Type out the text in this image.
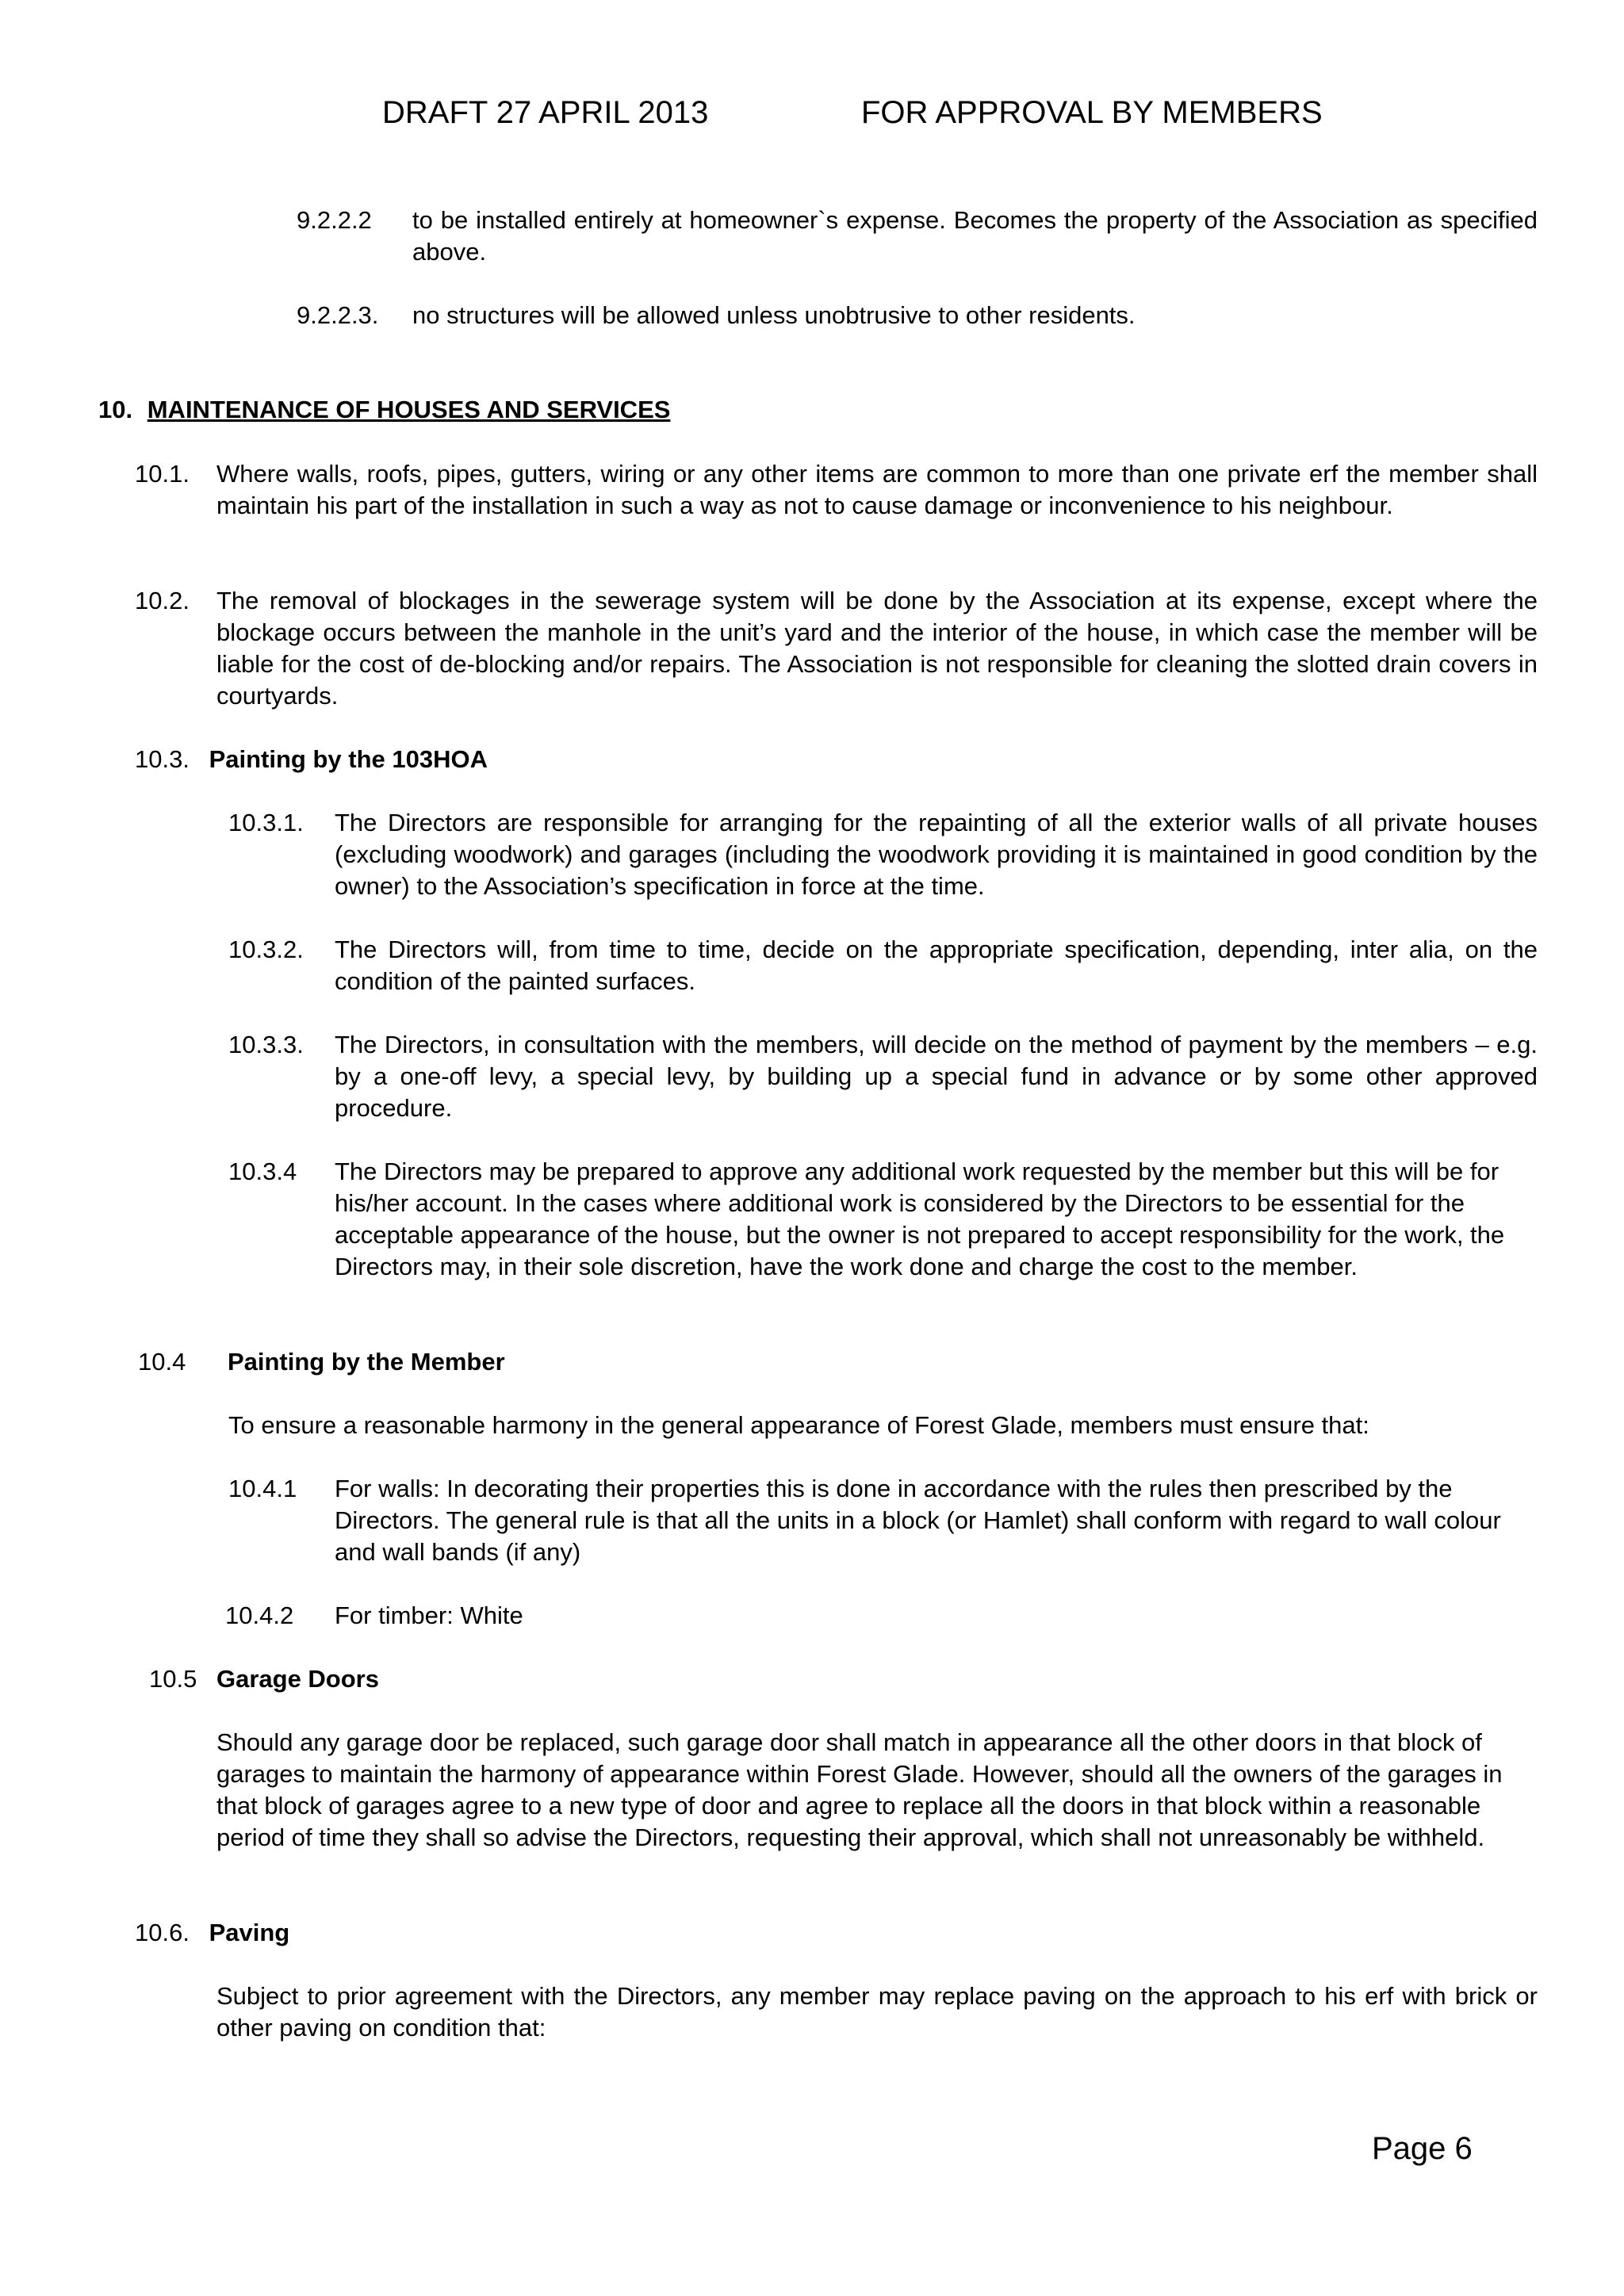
DRAFT 27 APRIL 2013	FOR APPROVAL BY MEMBERS
9.2.2.2 to be installed entirely at homeowner`s expense. Becomes the property of the Association as specified above.
9.2.2.3. no structures will be allowed unless unobtrusive to other residents.
10. MAINTENANCE OF HOUSES AND SERVICES
10.1. Where walls, roofs, pipes, gutters, wiring or any other items are common to more than one private erf the member shall maintain his part of the installation in such a way as not to cause damage or inconvenience to his neighbour.
10.2. The removal of blockages in the sewerage system will be done by the Association at its expense, except where the blockage occurs between the manhole in the unit’s yard and the interior of the house, in which case the member will be liable for the cost of de-blocking and/or repairs. The Association is not responsible for cleaning the slotted drain covers in courtyards.
10.3. Painting by the 103HOA
10.3.1. The Directors are responsible for arranging for the repainting of all the exterior walls of all private houses (excluding woodwork) and garages (including the woodwork providing it is maintained in good condition by the owner) to the Association’s specification in force at the time.
10.3.2. The Directors will, from time to time, decide on the appropriate specification, depending, inter alia, on the condition of the painted surfaces.
10.3.3. The Directors, in consultation with the members, will decide on the method of payment by the members – e.g. by a one-off levy, a special levy, by building up a special fund in advance or by some other approved procedure.
10.3.4 The Directors may be prepared to approve any additional work requested by the member but this will be for his/her account. In the cases where additional work is considered by the Directors to be essential for the acceptable appearance of the house, but the owner is not prepared to accept responsibility for the work, the Directors may, in their sole discretion, have the work done and charge the cost to the member.
10.4 Painting by the Member
To ensure a reasonable harmony in the general appearance of Forest Glade, members must ensure that:
10.4.1 For walls: In decorating their properties this is done in accordance with the rules then prescribed by the Directors. The general rule is that all the units in a block (or Hamlet) shall conform with regard to wall colour and wall bands (if any)
10.4.2 For timber: White
10.5 Garage Doors
Should any garage door be replaced, such garage door shall match in appearance all the other doors in that block of garages to maintain the harmony of appearance within Forest Glade. However, should all the owners of the garages in that block of garages agree to a new type of door and agree to replace all the doors in that block within a reasonable period of time they shall so advise the Directors, requesting their approval, which shall not unreasonably be withheld.
10.6. Paving
Subject to prior agreement with the Directors, any member may replace paving on the approach to his erf with brick or other paving on condition that:
Page 6
